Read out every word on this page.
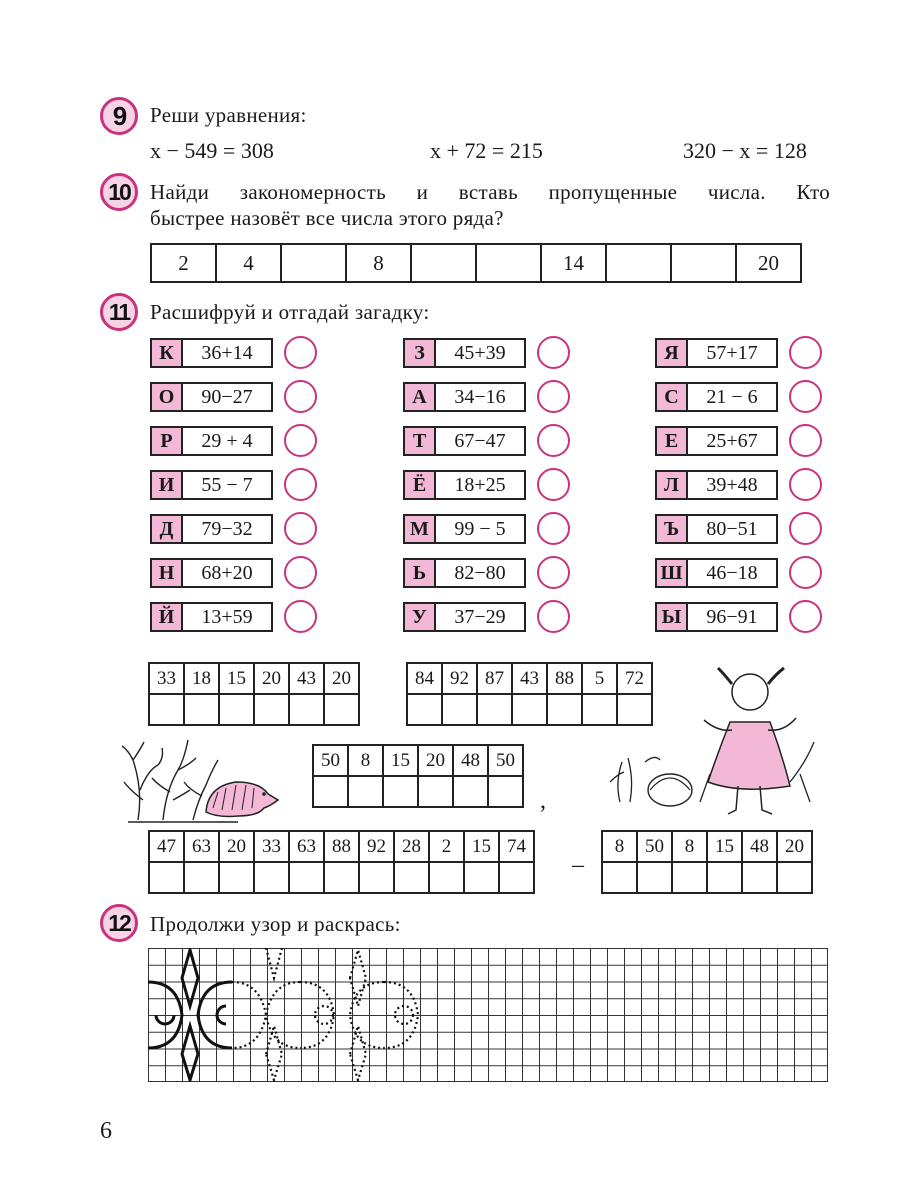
9	Реши уравнения:
x − 549 = 308	x + 72 = 215	320 − x = 128
10 Найди закономерность и вставь пропущенные числа. Кто
быстрее назовёт все числа этого ряда?
2	4		8			14			20
11 Расшифруй и отгадай загадку:
К	36+14
О	90−27
Р	29 + 4
И	55 − 7
Д	79−32
Н	68+20
Й	13+59
З	45+39
А	34−16
Т	67−47
Ё	18+25
М	99 − 5
Ь	82−80
У	37−29
Я	57+17
С	21 − 6
Е	25+67
Л	39+48
Ъ	80−51
Ш	46−18
Ы	96−91
33	18	15	20	43	20
						84	92	87	43	88	5	72

50	8	15	20	48	50

,
47	63	20	33	63	88	92	28	2	15	74

–
8	50	8	15	48	20

12 Продолжи узор и раскрась:
6
